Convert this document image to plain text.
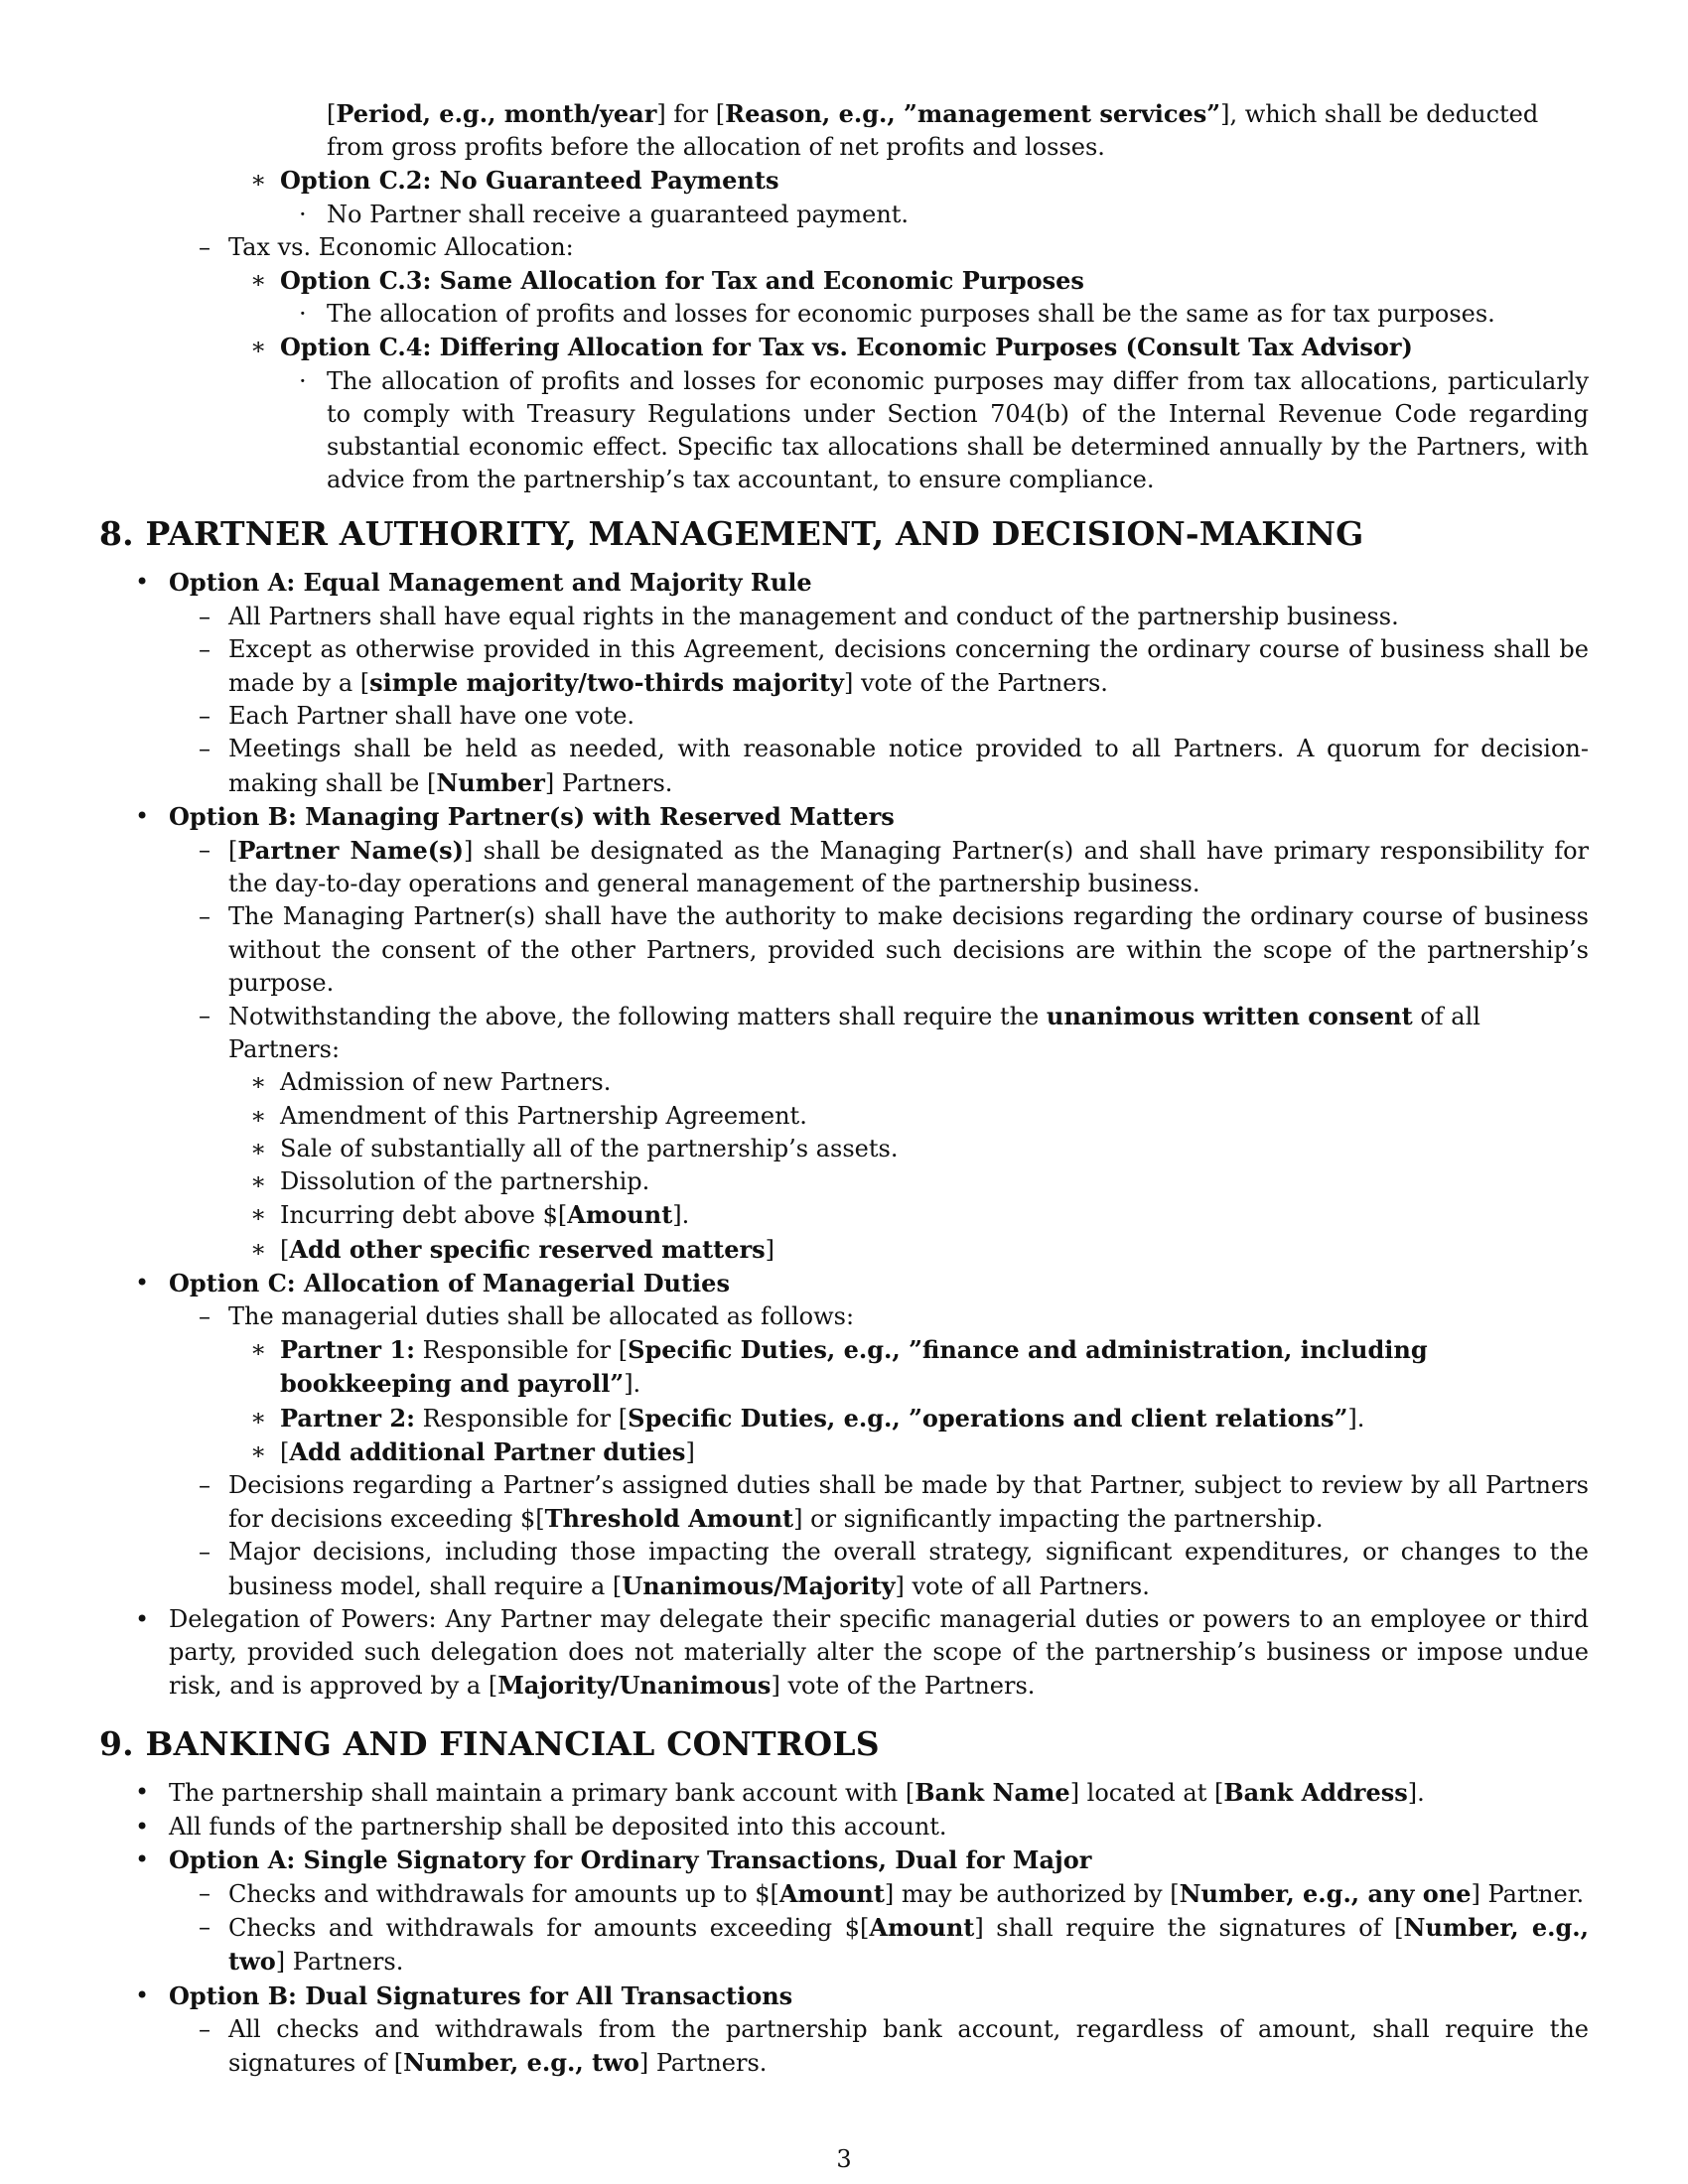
[Period, e.g., month/year] for [Reason, e.g., ”management services”], which shall be deducted from gross profits before the allocation of net profits and losses.

∗ Option C.2: No Guaranteed Payments
· No Partner shall receive a guaranteed payment.
– Tax vs. Economic Allocation:
∗ Option C.3: Same Allocation for Tax and Economic Purposes
· The allocation of profits and losses for economic purposes shall be the same as for tax purposes.
∗ Option C.4: Differing Allocation for Tax vs. Economic Purposes (Consult Tax Advisor)
· The allocation of profits and losses for economic purposes may differ from tax allocations, particularly to comply with Treasury Regulations under Section 704(b) of the Internal Revenue Code regarding substantial economic effect. Specific tax allocations shall be determined annually by the Partners, with advice from the partnership’s tax accountant, to ensure compliance.
8. PARTNER AUTHORITY, MANAGEMENT, AND DECISION-MAKING
• Option A: Equal Management and Majority Rule
– All Partners shall have equal rights in the management and conduct of the partnership business.
– Except as otherwise provided in this Agreement, decisions concerning the ordinary course of business shall be made by a [simple majority/two-thirds majority] vote of the Partners.
– Each Partner shall have one vote.
– Meetings shall be held as needed, with reasonable notice provided to all Partners. A quorum for decision-making shall be [Number] Partners.
• Option B: Managing Partner(s) with Reserved Matters
– [Partner Name(s)] shall be designated as the Managing Partner(s) and shall have primary responsibility for the day-to-day operations and general management of the partnership business.
– The Managing Partner(s) shall have the authority to make decisions regarding the ordinary course of business without the consent of the other Partners, provided such decisions are within the scope of the partnership’s purpose.
– Notwithstanding the above, the following matters shall require the unanimous written consent of all Partners:
∗ Admission of new Partners.
∗ Amendment of this Partnership Agreement.
∗ Sale of substantially all of the partnership’s assets.
∗ Dissolution of the partnership.
∗ Incurring debt above $[Amount].
∗ [Add other specific reserved matters]
• Option C: Allocation of Managerial Duties
– The managerial duties shall be allocated as follows:
∗ Partner 1: Responsible for [Specific Duties, e.g., ”finance and administration, including bookkeeping and payroll”].
∗ Partner 2: Responsible for [Specific Duties, e.g., ”operations and client relations”].
∗ [Add additional Partner duties]
– Decisions regarding a Partner’s assigned duties shall be made by that Partner, subject to review by all Partners for decisions exceeding $[Threshold Amount] or significantly impacting the partnership.
– Major decisions, including those impacting the overall strategy, significant expenditures, or changes to the business model, shall require a [Unanimous/Majority] vote of all Partners.
• Delegation of Powers: Any Partner may delegate their specific managerial duties or powers to an employee or third party, provided such delegation does not materially alter the scope of the partnership’s business or impose undue risk, and is approved by a [Majority/Unanimous] vote of the Partners.
9. BANKING AND FINANCIAL CONTROLS
• The partnership shall maintain a primary bank account with [Bank Name] located at [Bank Address].
• All funds of the partnership shall be deposited into this account.
• Option A: Single Signatory for Ordinary Transactions, Dual for Major
– Checks and withdrawals for amounts up to $[Amount] may be authorized by [Number, e.g., any one] Partner.
– Checks and withdrawals for amounts exceeding $[Amount] shall require the signatures of [Number, e.g., two] Partners.
• Option B: Dual Signatures for All Transactions
– All checks and withdrawals from the partnership bank account, regardless of amount, shall require the signatures of [Number, e.g., two] Partners.
3
